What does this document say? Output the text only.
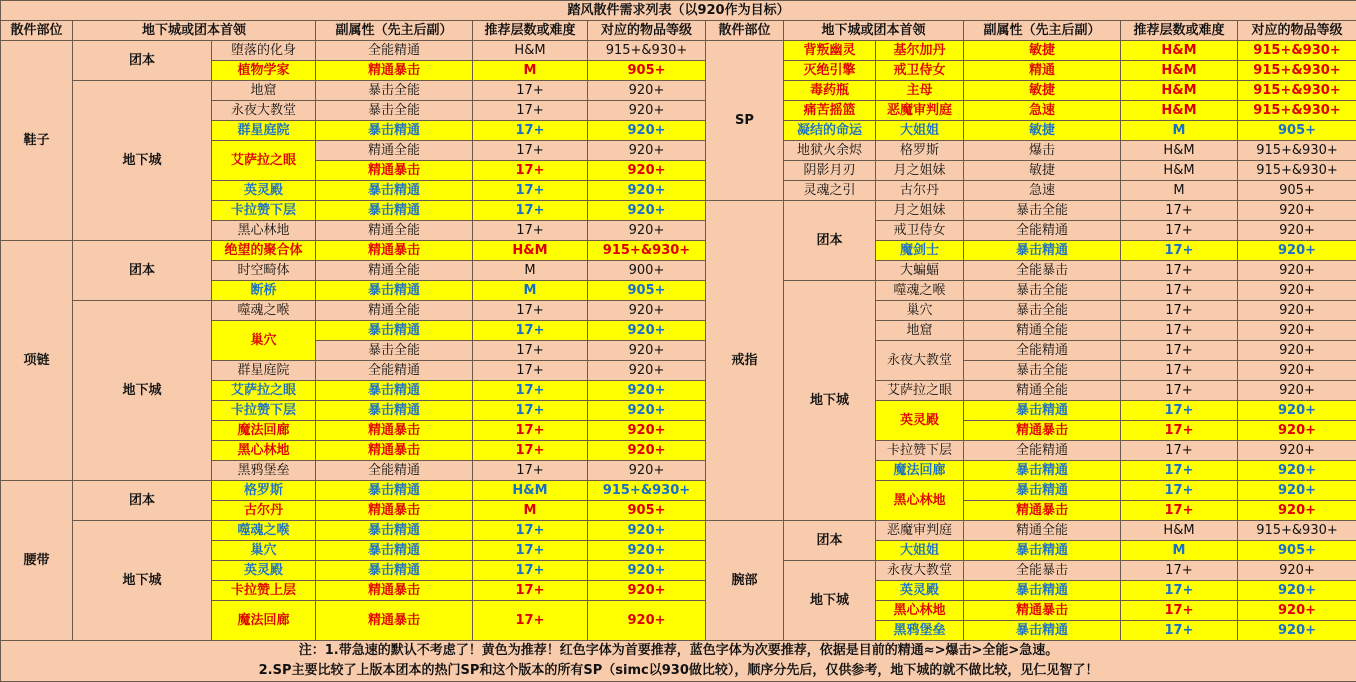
踏风散件需求列表（以920作为目标）											
散件部位	地下城或团本首领		副属性（先主后副）	推荐层数或难度	对应的物品等级	散件部位	地下城或团本首领		副属性（先主后副）	推荐层数或难度	对应的物品等级
鞋子	团本	堕落的化身	全能精通	H&M	915+&930+	SP	背叛幽灵	基尔加丹	敏捷	H&M	915+&930+
		植物学家	精通暴击	M	905+		灭绝引擎	戒卫侍女	精通	H&M	915+&930+
	地下城	地窟	暴击全能	17+	920+		毒药瓶	主母	敏捷	H&M	915+&930+
		永夜大教堂	暴击全能	17+	920+		痛苦摇篮	恶魔审判庭	急速	H&M	915+&930+
		群星庭院	暴击精通	17+	920+		凝结的命运	大姐姐	敏捷	M	905+
		艾萨拉之眼	精通全能	17+	920+		地狱火余烬	格罗斯	爆击	H&M	915+&930+
			精通暴击	17+	920+		阴影月刃	月之姐妹	敏捷	H&M	915+&930+
		英灵殿	暴击精通	17+	920+		灵魂之引	古尔丹	急速	M	905+
		卡拉赞下层	暴击精通	17+	920+	戒指	团本	月之姐妹	暴击全能	17+	920+
		黑心林地	精通全能	17+	920+			戒卫侍女	全能精通	17+	920+
项链	团本	绝望的聚合体	精通暴击	H&M	915+&930+			魔剑士	暴击精通	17+	920+
		时空畸体	精通全能	M	900+			大蝙蝠	全能暴击	17+	920+
		断桥	暴击精通	M	905+		地下城	噬魂之喉	暴击全能	17+	920+
	地下城	噬魂之喉	精通全能	17+	920+			巢穴	暴击全能	17+	920+
		巢穴	暴击精通	17+	920+			地窟	精通全能	17+	920+
			暴击全能	17+	920+			永夜大教堂	全能精通	17+	920+
		群星庭院	全能精通	17+	920+				暴击全能	17+	920+
		艾萨拉之眼	暴击精通	17+	920+			艾萨拉之眼	精通全能	17+	920+
		卡拉赞下层	暴击精通	17+	920+			英灵殿	暴击精通	17+	920+
		魔法回廊	精通暴击	17+	920+				精通暴击	17+	920+
		黑心林地	精通暴击	17+	920+			卡拉赞下层	全能精通	17+	920+
		黑鸦堡垒	全能精通	17+	920+			魔法回廊	暴击精通	17+	920+
腰带	团本	格罗斯	暴击精通	H&M	915+&930+			黑心林地	暴击精通	17+	920+
		古尔丹	精通暴击	M	905+				精通暴击	17+	920+
	地下城	噬魂之喉	暴击精通	17+	920+	腕部	团本	恶魔审判庭	精通全能	H&M	915+&930+
		巢穴	暴击精通	17+	920+			大姐姐	暴击精通	M	905+
		英灵殿	暴击精通	17+	920+		地下城	永夜大教堂	全能暴击	17+	920+
		卡拉赞上层	精通暴击	17+	920+			英灵殿	暴击精通	17+	920+
		魔法回廊	精通暴击	17+	920+			黑心林地	精通暴击	17+	920+
								黑鸦堡垒	暴击精通	17+	920+

注：1.带急速的默认不考虑了！黄色为推荐！红色字体为首要推荐，蓝色字体为次要推荐，依据是目前的精通≈>爆击>全能>急速。
2.SP主要比较了上版本团本的热门SP和这个版本的所有SP（simc以930做比较），顺序分先后，仅供参考，地下城的就不做比较，见仁见智了！											
